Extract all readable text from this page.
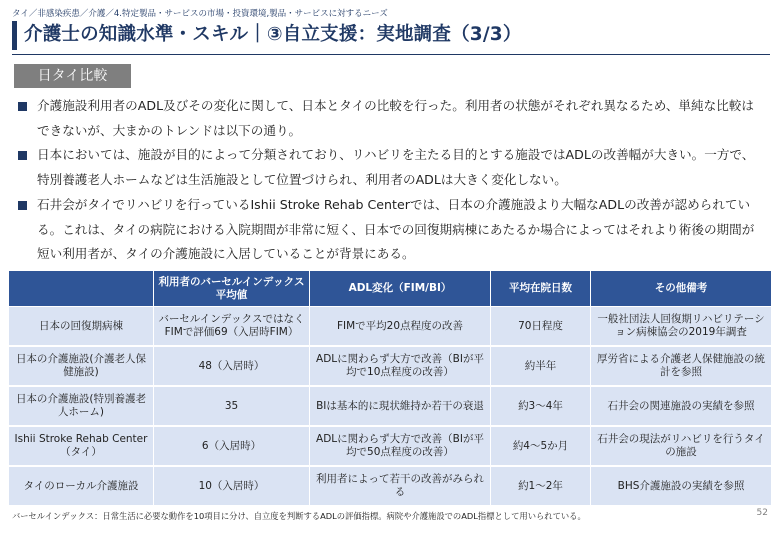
タイ／非感染疾患／介護／4.特定製品・サービスの市場・投資環境,製品・サービスに対するニーズ
介護士の知識水準・スキル｜③自立支援：実地調査（3/3）
日タイ比較
介護施設利用者のADL及びその変化に関して、日本とタイの比較を行った。利用者の状態がそれぞれ異なるため、単純な比較はできないが、大まかのトレンドは以下の通り。
日本においては、施設が目的によって分類されており、リハビリを主たる目的とする施設ではADLの改善幅が大きい。一方で、特別養護老人ホームなどは生活施設として位置づけられ、利用者のADLは大きく変化しない。
石井会がタイでリハビリを行っているIshii Stroke Rehab Centerでは、日本の介護施設より大幅なADLの改善が認められている。これは、タイの病院における入院期間が非常に短く、日本での回復期病棟にあたるか場合によってはそれより術後の期間が短い利用者が、タイの介護施設に入居していることが背景にある。
	利用者のバーセルインデックス平均値	ADL変化（FIM/BI）	平均在院日数	その他備考
日本の回復期病棟	バーセルインデックスではなくFIMで評価69（入居時FIM）	FIMで平均20点程度の改善	70日程度	一般社団法人回復期リハビリテーション病棟協会の2019年調査
日本の介護施設(介護老人保健施設)	48（入居時）	ADLに関わらず大方で改善（BIが平均で10点程度の改善）	約半年	厚労省による介護老人保健施設の統計を参照
日本の介護施設(特別養護老人ホーム)	35	BIは基本的に現状維持か若干の衰退	約3～4年	石井会の関連施設の実績を参照
Ishii Stroke Rehab Center（タイ）	6（入居時）	ADLに関わらず大方で改善（BIが平均で50点程度の改善）	約4～5か月	石井会の現法がリハビリを行うタイの施設
タイのローカル介護施設	10（入居時）	利用者によって若干の改善がみられる	約1～2年	BHS介護施設の実績を参照
バーセルインデックス：日常生活に必要な動作を10項目に分け、自立度を判断するADLの評価指標。病院や介護施設でのADL指標として用いられている。	52
